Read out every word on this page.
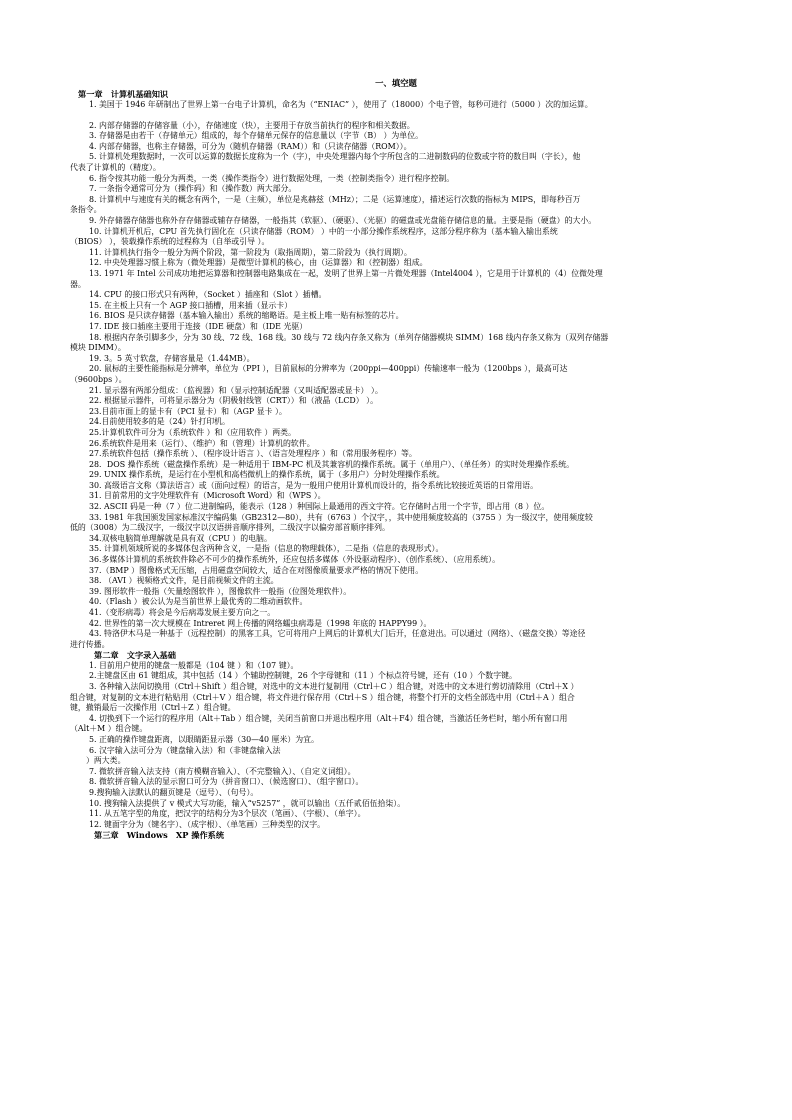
一、填空题
第一章　计算机基础知识

1. 美国于 1946 年研制出了世界上第一台电子计算机，命名为（“ENIAC” ），使用了（18000）个电子管，每秒可进行（5000 ）次的加运算。

2. 内部存储器的存储容量（小），存储速度（快），主要用于存放当前执行的程序和相关数据。

3. 存储器是由若干（存储单元）组成的，每个存储单元保存的信息量以（字节（B） ）为单位。

4. 内部存储器，也称主存储器，可分为（随机存储器（RAM））和（只读存储器（ROM））。

5. 计算机处理数据时，一次可以运算的数据长度称为一个（字），中央处理器内每个字所包含的二进制数码的位数或字符的数目叫（字长），他

代表了计算机的（精度）。

6. 指令按其功能一般分为两类，一类（操作类指令）进行数据处理，一类（控制类指令）进行程序控制。

7. 一条指令通常可分为（操作码）和（操作数）两大部分。

8. 计算机中与速度有关的概念有两个，一是（主频），单位是兆赫兹（MHz）；二是（运算速度），描述运行次数的指标为 MIPS，即每秒百万

条指令。

9. 外存储器存储器也称外存存储器或辅存存储器，一般指其（软驱）、（硬驱）、（光驱）的磁盘或光盘能存储信息的量。主要是指（硬盘）的大小。

10. 计算机开机后，CPU 首先执行固化在（只读存储器（ROM） ）中的一小部分操作系统程序，这部分程序称为（基本输入输出系统

（BIOS） ），装载操作系统的过程称为（自举或引导 ）。

11. 计算机执行指令一般分为两个阶段，第一阶段为（取指周期），第二阶段为（执行周期）。

12. 中央处理器习惯上称为（微处理器）是微型计算机的核心，由（运算器）和（控制器）组成。

13. 1971 年 Intel 公司成功地把运算器和控制器电路集成在一起，发明了世界上第一片微处理器（Intel4004 ），它是用于计算机的（4）位微处理

器。

14. CPU 的接口形式只有两种，（Socket ）插座和（Slot ）插槽。

15. 在主板上只有一个 AGP 接口插槽，用来插（显示卡）

16. BIOS 是只读存储器（基本输入输出）系统的缩略语。是主板上唯一贴有标签的芯片。

17. IDE 接口插座主要用于连接（IDE 硬盘）和（IDE 光驱）

18. 根据内存条引脚多少，分为 30 线、72 线、168 线。30 线与 72 线内存条又称为（单列存储器模块 SIMM）168 线内存条又称为（双列存储器

模块 DIMM）。

19. 3。5 英寸软盘，存储容量是（1.44MB）。

20. 鼠标的主要性能指标是分辨率，单位为（PPI ），目前鼠标的分辨率为（200ppi—400ppi）传输速率一般为（1200bps ），最高可达

（9600bps ）。

21. 显示器有两部分组成：（监视器）和（显示控制适配器（又叫适配器或显卡） ）。

22. 根据显示器件，可将显示器分为（阴极射线管（CRT））和（液晶（LCD） ）。

23.目前市面上的显卡有（PCI 显卡）和（AGP 显卡 ）。

24.目前使用较多的是（24）针打印机。

25.计算机软件可分为（系统软件 ）和（应用软件 ）两类。

26.系统软件是用来（运行）、（维护）和（管理）计算机的软件。

27.系统软件包括（操作系统 ）、（程序设计语言 ）、（语言处理程序 ）和（常用服务程序）等。

28．DOS 操作系统（磁盘操作系统）是一种适用于 IBM-PC 机及其兼容机的操作系统。属于（单用户）、（单任务）的实时处理操作系统。

29. UNIX 操作系统，是运行在小型机和高档微机上的操作系统，属于（多用户）分时处理操作系统。

30. 高级语言文称（算法语言）或（面向过程）的语言，是为一般用户使用计算机而设计的，指令系统比较接近英语的日常用语。

31. 目前常用的文字处理软件有（Microsoft Word）和（WPS ）。

32. ASCII 码是一种（7 ）位二进制编码，能表示（128 ）种国际上最通用的西文字符。它存储时占用一个字节，即占用（8 ）位。

33. 1981 年我国颁发国家标准汉字编码集（GB2312—80），共有（6763 ）个汉字，，其中使用频度较高的（3755 ）为一级汉字，使用频度较

低的（3008）为二级汉字，一级汉字以汉语拼音顺序排列，二级汉字以偏旁部首顺序排列。

34.双核电脑简单理解就是具有双（CPU ）的电脑。

35. 计算机领域所说的多媒体包含两种含义，一是指（信息的物理载体），二是指（信息的表现形式）。

36.多媒体计算机的系统软件除必不可少的操作系统外，还应包括多媒体（外设驱动程序）、（创作系统）、（应用系统）。

37.（BMP ）图像格式无压缩，占用磁盘空间较大，适合在对图像质量要求严格的情况下使用。

38. （AVI ）视频格式文件，是目前视频文件的主流。

39. 图形软件一般指（矢量绘图软件 ），图像软件一般指（位图处理软件）。

40.（Flash ）被公认为是当前世界上最优秀的二维动画软件。

41.（变形病毒）将会是今后病毒发展主要方向之一。

42. 世界性的第一次大规模在 Intreret 网上传播的网络蠕虫病毒是（1998 年底的 HAPPY99 ）。

43. 特洛伊木马是一种基于（远程控制）的黑客工具，它可将用户上网后的计算机大门后开，任意进出。可以通过（网络）、（磁盘交换）等途径

进行传播。

第二章　文字录入基础

1. 目前用户使用的键盘一般都是（104 键 ）和（107 键）。

2.主键盘区由 61 键组成，其中包括（14 ）个辅助控制键，26 个字母键和（11 ）个标点符号键，还有（10 ）个数字键。

3. 各种输入法间切换用（Ctrl＋Shift ）组合键，对选中的文本进行复制用（Ctrl＋C ）组合键，对选中的文本进行剪切清除用（Ctrl＋X ）

组合键，对复制的文本进行粘贴用（Ctrl＋V ）组合键，将文件进行保存用（Ctrl＋S ）组合键，将整个打开的文档全部选中用（Ctrl＋A ）组合

键，撤销最后一次操作用（Ctrl＋Z ）组合键。

4. 切换到下一个运行的程序用（Alt＋Tab ）组合键，关闭当前窗口并退出程序用（Alt＋F4）组合键，当激活任务栏时，缩小所有窗口用

（Alt＋M ）组合键。

5. 正确的操作键盘距离，以眼睛距显示器（30—40 厘米）为宜。

6. 汉字输入法可分为（键盘输入法）和（非键盘输入法

）两大类。

7. 微软拼音输入法支持（南方模糊音输入）、（不完整输入）、（自定义词组）。

8. 微软拼音输入法的显示窗口可分为（拼音窗口）、（候选窗口）、（组字窗口）。

9.搜狗输入法默认的翻页键是（逗号）、（句号）。

10. 搜狗输入法提供了 v 模式大写功能，输入“v5257” ，就可以输出（五仟贰佰伍拾柒）。

11. 从五笔字型的角度，把汉字的结构分为3个层次（笔画）、（字根）、（单字）。

12. 键面字分为（键名字）、（成字根）、（单笔画）三种类型的汉字。

第三章　Windows　XP 操作系统
